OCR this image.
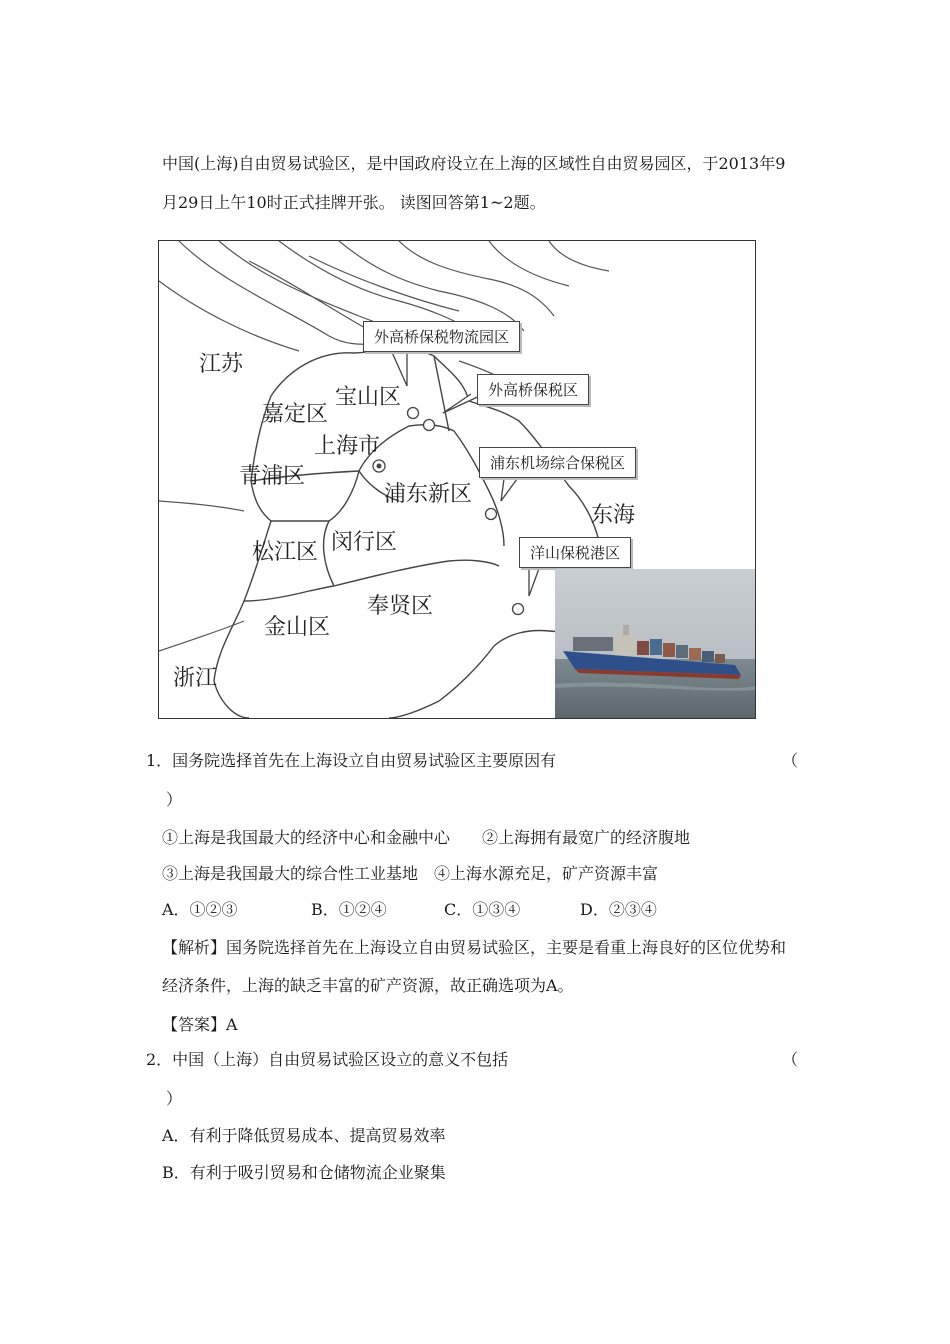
中国(上海)自由贸易试验区，是中国政府设立在上海的区域性自由贸易园区，于2013年9
月29日上午10时正式挂牌开张。 读图回答第1~2题。
江苏
宝山区
嘉定区
上海市
青浦区
浦东新区
东海
松江区 闵行区
奉贤区
金山区
浙江
外高桥保税物流园区
外高桥保税区
浦东机场综合保税区
洋山保税港区
1．国务院选择首先在上海设立自由贸易试验区主要原因有	（
）
①上海是我国最大的经济中心和金融中心　　②上海拥有最宽广的经济腹地
③上海是我国最大的综合性工业基地　④上海水源充足，矿产资源丰富
A．①②③	B．①②④	C．①③④	D．②③④
【解析】国务院选择首先在上海设立自由贸易试验区，主要是看重上海良好的区位优势和
经济条件，上海的缺乏丰富的矿产资源，故正确选项为A。
【答案】A
2．中国（上海）自由贸易试验区设立的意义不包括	（
）
A．有利于降低贸易成本、提高贸易效率
B．有利于吸引贸易和仓储物流企业聚集
